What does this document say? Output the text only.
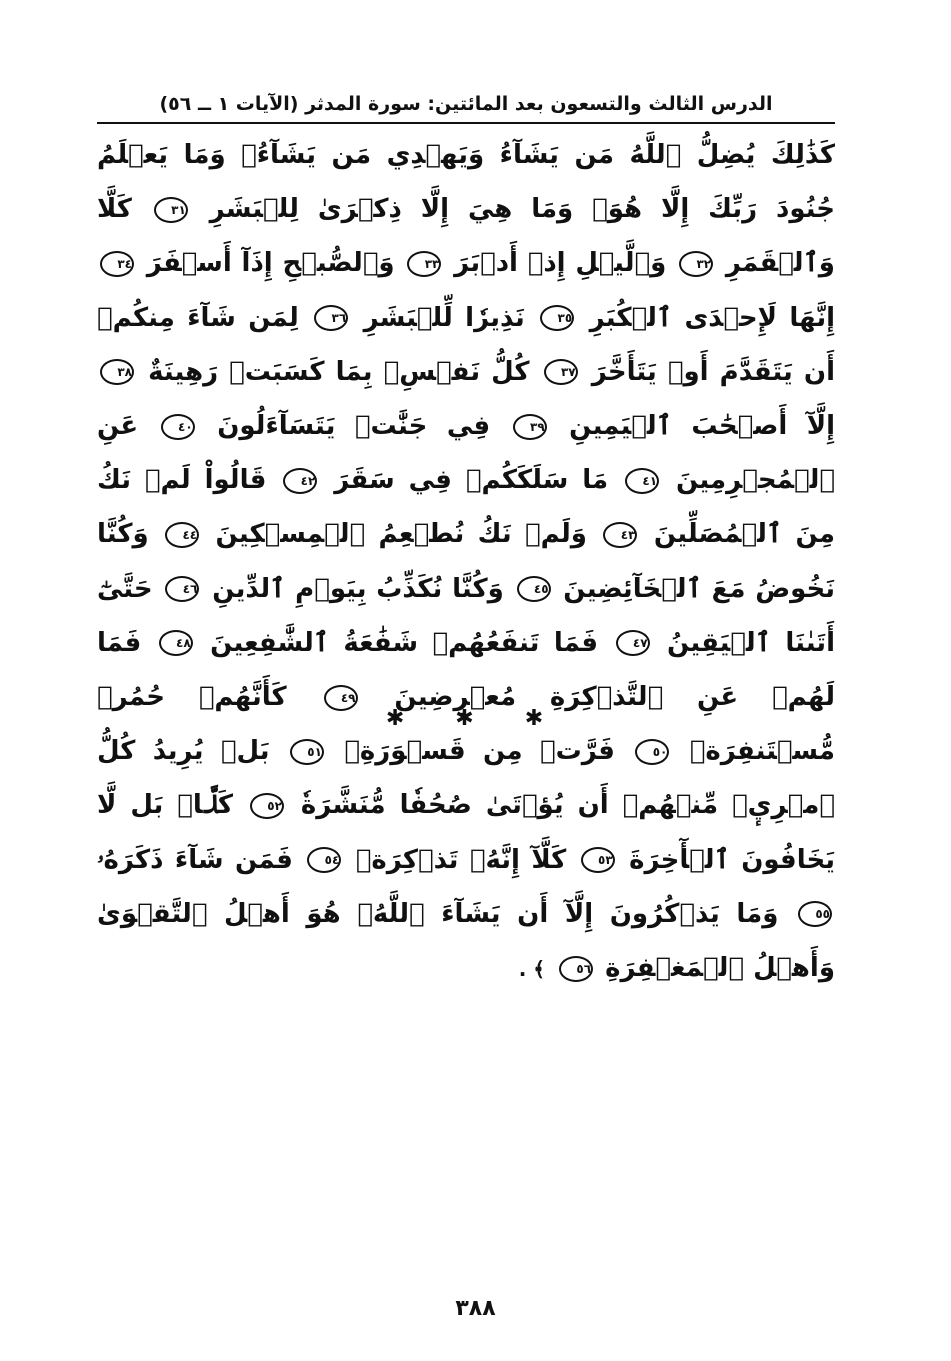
الدرس الثالث والتسعون بعد المائتين: سورة المدثر (الآيات ١ ــ ٥٦)
كَذَٰلِكَ يُضِلُّ ٱللَّهُ مَن يَشَآءُ وَيَهۡدِي مَن يَشَآءُۚ وَمَا يَعۡلَمُ جُنُودَ رَبِّكَ إِلَّا هُوَۚ وَمَا هِيَ إِلَّا ذِكۡرَىٰ لِلۡبَشَرِ ٣١ كَلَّا وَٱلۡقَمَرِ ٣٢ وَٱلَّيۡلِ إِذۡ أَدۡبَرَ ٣٣ وَٱلصُّبۡحِ إِذَآ أَسۡفَرَ ٣٤ إِنَّهَا لَإِحۡدَى ٱلۡكُبَرِ ٣٥ نَذِيرٗا لِّلۡبَشَرِ ٣٦ لِمَن شَآءَ مِنكُمۡ أَن يَتَقَدَّمَ أَوۡ يَتَأَخَّرَ ٣٧ كُلُّ نَفۡسِۭ بِمَا كَسَبَتۡ رَهِينَةٌ ٣٨ إِلَّآ أَصۡحَٰبَ ٱلۡيَمِينِ ٣٩ فِي جَنَّٰتٖ يَتَسَآءَلُونَ ٤٠ عَنِ ٱلۡمُجۡرِمِينَ ٤١ مَا سَلَكَكُمۡ فِي سَقَرَ ٤٢ قَالُواْ لَمۡ نَكُ مِنَ ٱلۡمُصَلِّينَ ٤٣ وَلَمۡ نَكُ نُطۡعِمُ ٱلۡمِسۡكِينَ ٤٤ وَكُنَّا نَخُوضُ مَعَ ٱلۡخَآئِضِينَ ٤٥ وَكُنَّا نُكَذِّبُ بِيَوۡمِ ٱلدِّينِ ٤٦ حَتَّىٰٓ أَتَىٰنَا ٱلۡيَقِينُ ٤٧ فَمَا تَنفَعُهُمۡ شَفَٰعَةُ ٱلشَّٰفِعِينَ ٤٨ فَمَا لَهُمۡ عَنِ ٱلتَّذۡكِرَةِ مُعۡرِضِينَ ٤٩ كَأَنَّهُمۡ حُمُرٞ مُّسۡتَنفِرَةٞ ٥٠ فَرَّتۡ مِن قَسۡوَرَةِۭ ٥١ بَلۡ يُرِيدُ كُلُّ ٱمۡرِيٕٖ مِّنۡهُمۡ أَن يُؤۡتَىٰ صُحُفٗا مُّنَشَّرَةٗ ٥٢ كَلَّاۖ بَل لَّا يَخَافُونَ ٱلۡأٓخِرَةَ ٥٣ كَلَّآ إِنَّهُۥ تَذۡكِرَةٞ ٥٤ فَمَن شَآءَ ذَكَرَهُۥ ٥٥ وَمَا يَذۡكُرُونَ إِلَّآ أَن يَشَآءَ ٱللَّهُۚ هُوَ أَهۡلُ ٱلتَّقۡوَىٰ وَأَهۡلُ ٱلۡمَغۡفِرَةِ ٥٦ ﴾ .
✱ ✱ ✱
٣٨٨
